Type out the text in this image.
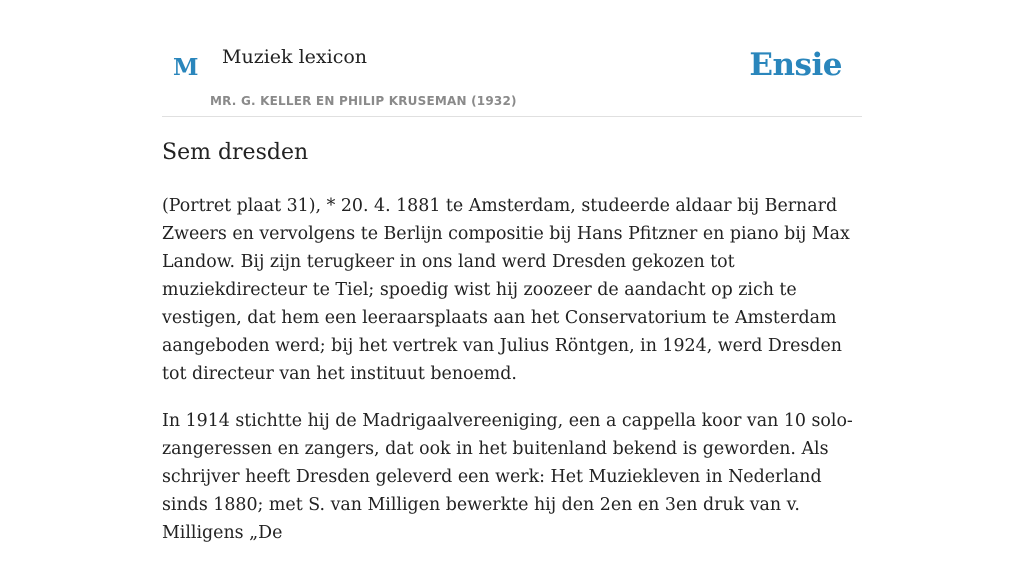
M Muziek lexicon
MR. G. KELLER EN PHILIP KRUSEMAN (1932)
Ensie
Sem dresden

(Portret plaat 31), * 20. 4. 1881 te Amsterdam, studeerde aldaar bij Bernard Zweers en vervolgens te Berlijn compositie bij Hans Pfitzner en piano bij Max Landow. Bij zijn terugkeer in ons land werd Dresden gekozen tot muziekdirecteur te Tiel; spoedig wist hij zoozeer de aandacht op zich te vestigen, dat hem een leeraarsplaats aan het Conservatorium te Amsterdam aangeboden werd; bij het vertrek van Julius Röntgen, in 1924, werd Dresden tot directeur van het instituut benoemd.

In 1914 stichtte hij de Madrigaalvereeniging, een a cappella koor van 10 solo-zangeressen en zangers, dat ook in het buitenland bekend is geworden. Als schrijver heeft Dresden geleverd een werk: Het Muziekleven in Nederland sinds 1880; met S. van Milligen bewerkte hij den 2en en 3en druk van v. Milligens „De
